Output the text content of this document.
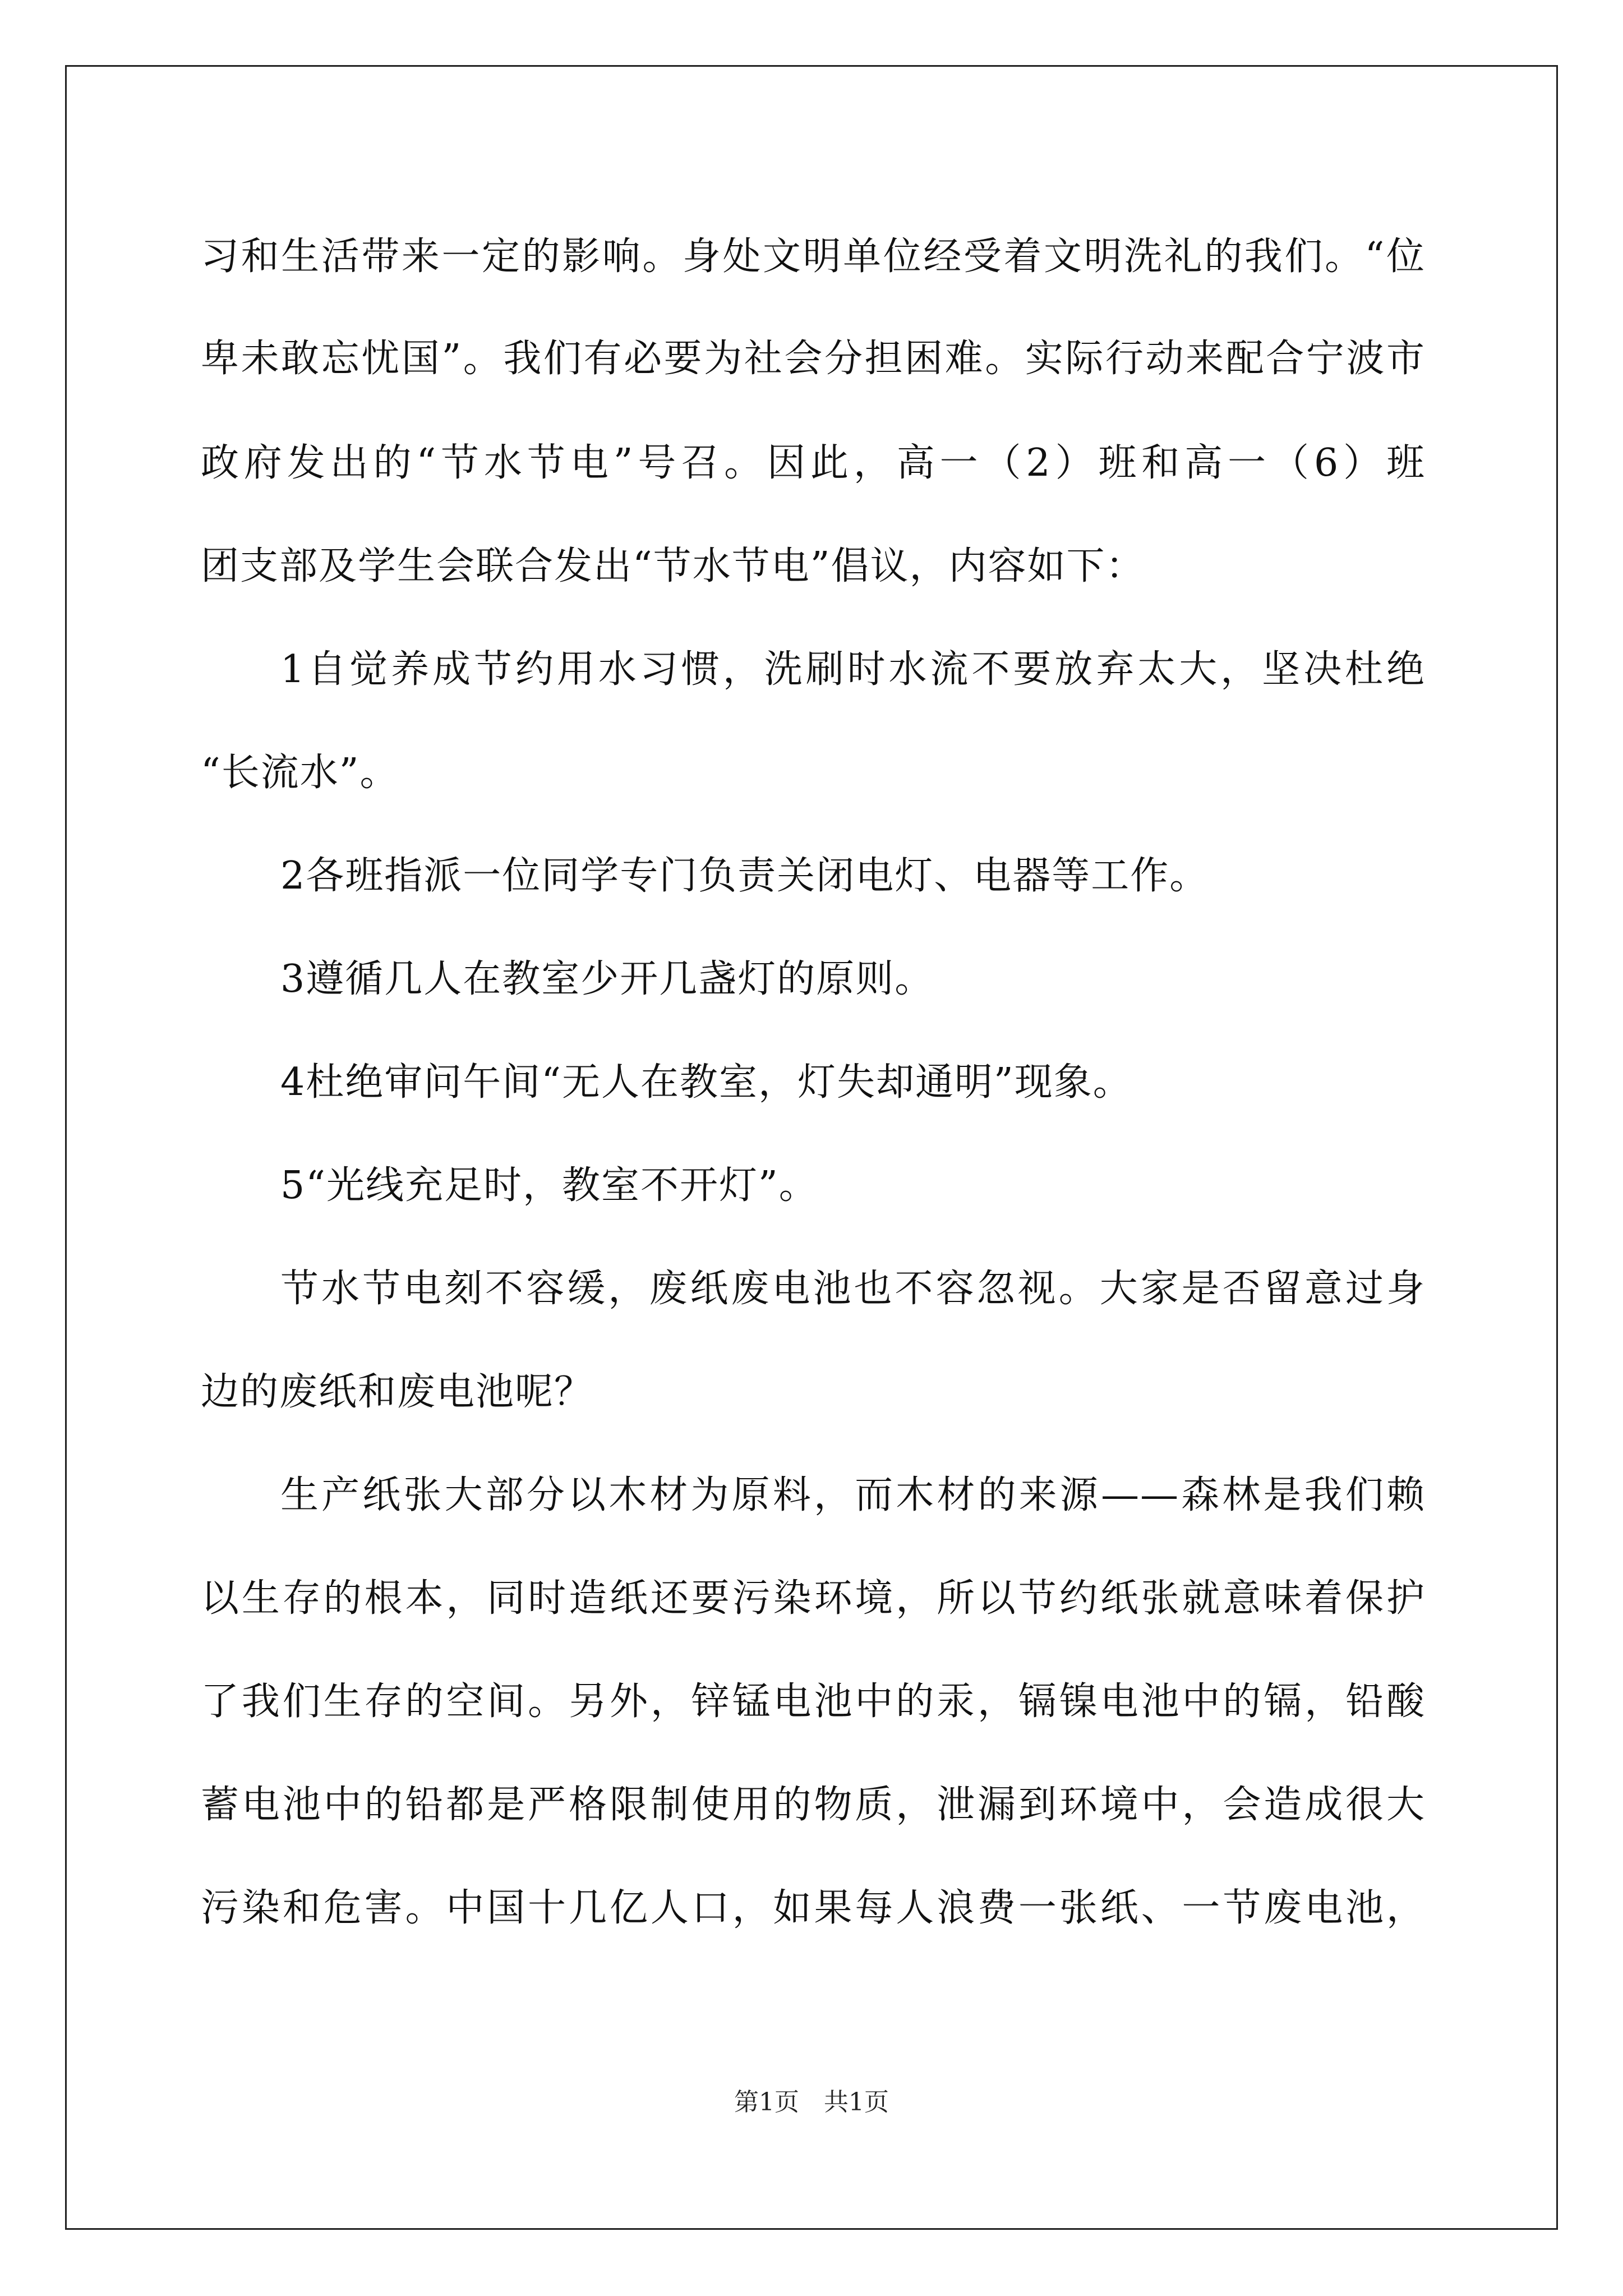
习和生活带来一定的影响。身处文明单位经受着文明洗礼的我们。“位
卑未敢忘忧国”。我们有必要为社会分担困难。实际行动来配合宁波市
政府发出的“节水节电”号召。因此，高一（2）班和高一（6）班
团支部及学生会联合发出“节水节电”倡议，内容如下：
1自觉养成节约用水习惯，洗刷时水流不要放弃太大，坚决杜绝
“长流水”。
2各班指派一位同学专门负责关闭电灯、电器等工作。
3遵循几人在教室少开几盏灯的原则。
4杜绝审问午间“无人在教室，灯失却通明”现象。
5“光线充足时，教室不开灯”。
节水节电刻不容缓，废纸废电池也不容忽视。大家是否留意过身
边的废纸和废电池呢？
生产纸张大部分以木材为原料，而木材的来源——森林是我们赖
以生存的根本，同时造纸还要污染环境，所以节约纸张就意味着保护
了我们生存的空间。另外，锌锰电池中的汞，镉镍电池中的镉，铅酸
蓄电池中的铅都是严格限制使用的物质，泄漏到环境中，会造成很大
污染和危害。中国十几亿人口，如果每人浪费一张纸、一节废电池，
第1页　共1页
